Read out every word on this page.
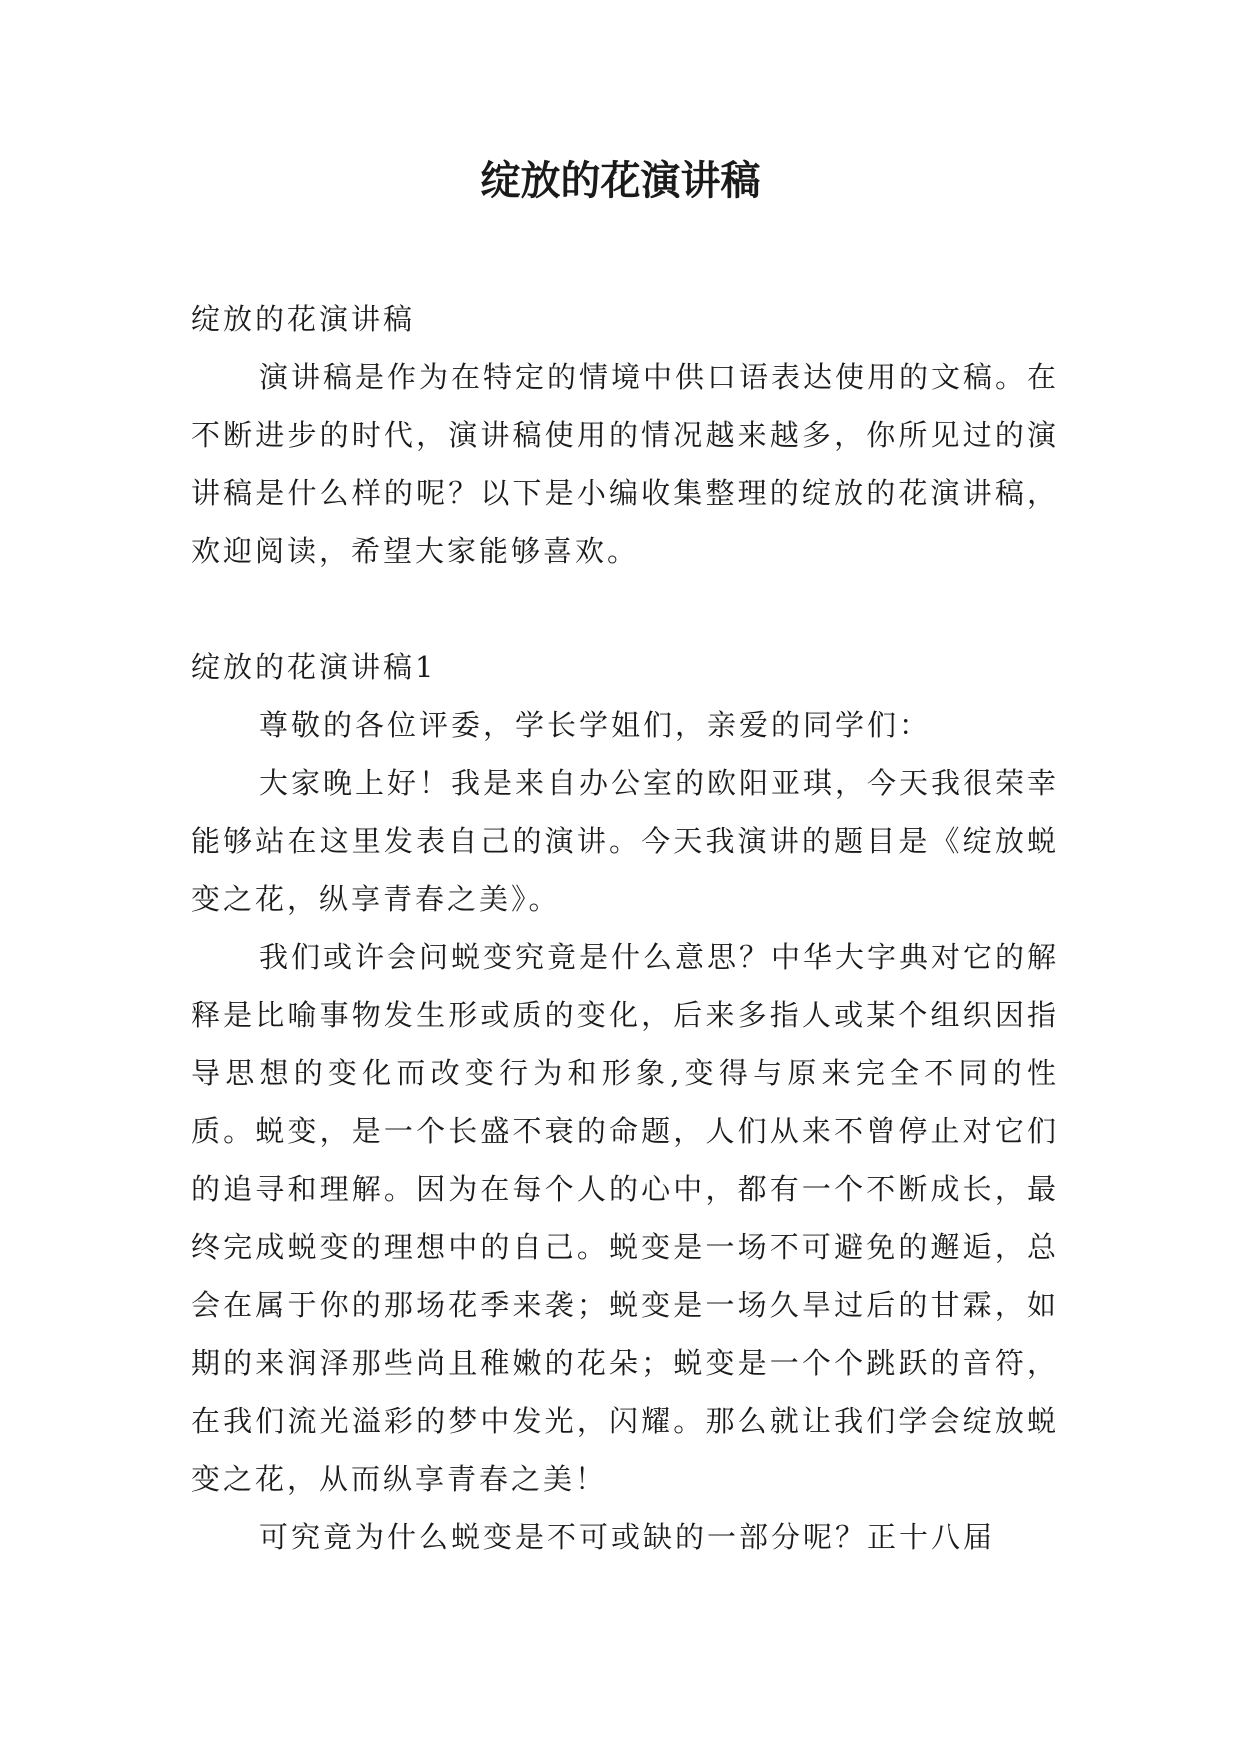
绽放的花演讲稿

绽放的花演讲稿

演讲稿是作为在特定的情境中供口语表达使用的文稿。在不断进步的时代，演讲稿使用的情况越来越多，你所见过的演讲稿是什么样的呢？以下是小编收集整理的绽放的花演讲稿，欢迎阅读，希望大家能够喜欢。

绽放的花演讲稿1

尊敬的各位评委，学长学姐们，亲爱的同学们：

大家晚上好！我是来自办公室的欧阳亚琪，今天我很荣幸能够站在这里发表自己的演讲。今天我演讲的题目是《绽放蜕变之花，纵享青春之美》。

我们或许会问蜕变究竟是什么意思？中华大字典对它的解释是比喻事物发生形或质的变化，后来多指人或某个组织因指导思想的变化而改变行为和形象,变得与原来完全不同的性质。蜕变，是一个长盛不衰的命题，人们从来不曾停止对它们的追寻和理解。因为在每个人的心中，都有一个不断成长，最终完成蜕变的理想中的自己。蜕变是一场不可避免的邂逅，总会在属于你的那场花季来袭；蜕变是一场久旱过后的甘霖，如期的来润泽那些尚且稚嫩的花朵；蜕变是一个个跳跃的音符，在我们流光溢彩的梦中发光，闪耀。那么就让我们学会绽放蜕变之花，从而纵享青春之美！

可究竟为什么蜕变是不可或缺的一部分呢？正十八届
